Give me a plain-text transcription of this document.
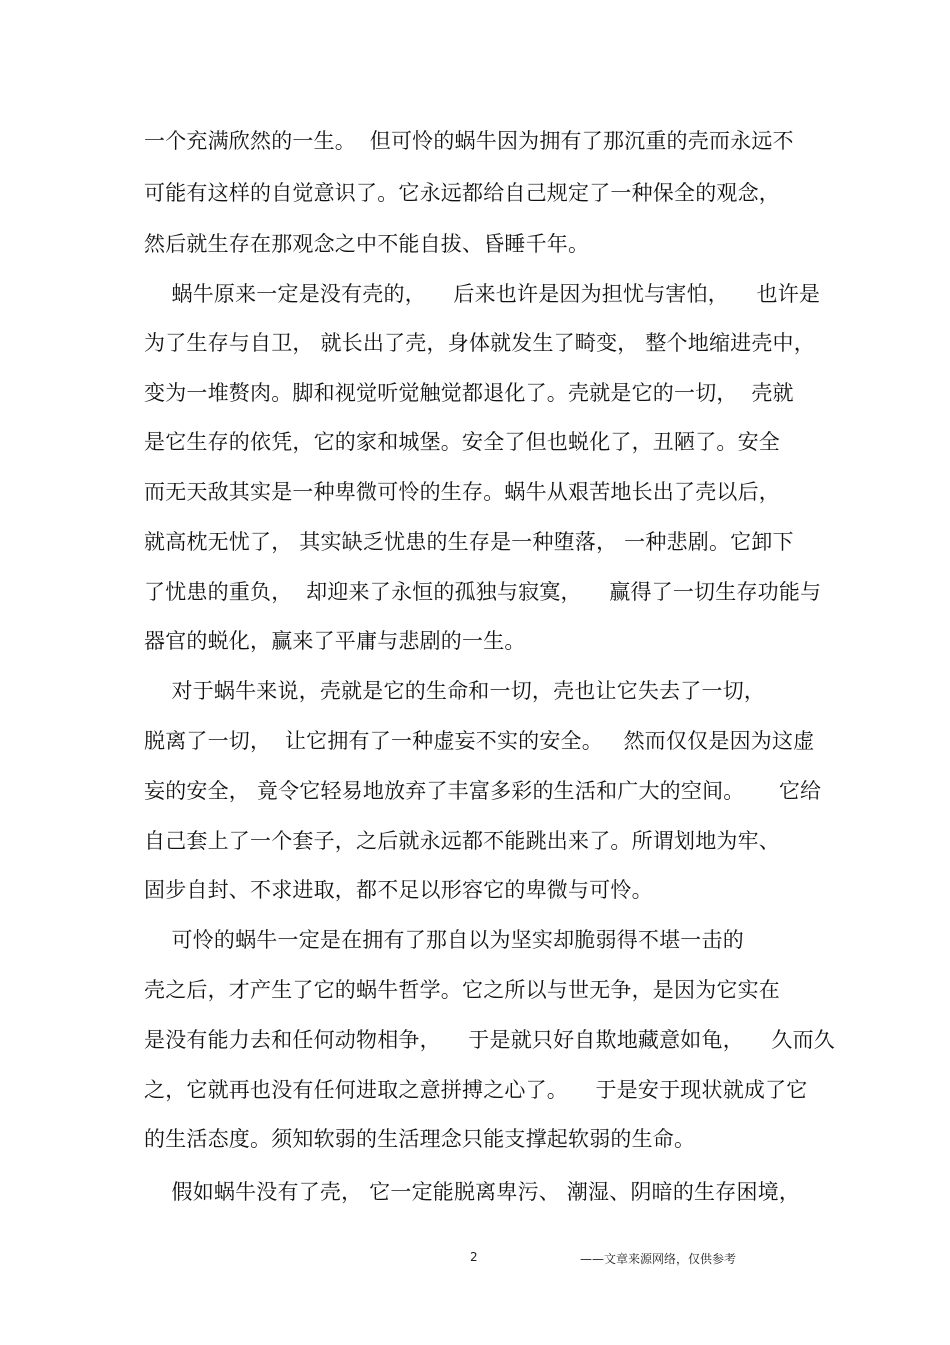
一个充满欣然的一生。  但可怜的蜗牛因为拥有了那沉重的壳而永远不
可能有这样的自觉意识了。它永远都给自己规定了一种保全的观念，
然后就生存在那观念之中不能自拔、昏睡千年。
蜗牛原来一定是没有壳的，    后来也许是因为担忧与害怕，    也许是
为了生存与自卫， 就长出了壳，身体就发生了畸变， 整个地缩进壳中，
变为一堆赘肉。脚和视觉听觉触觉都退化了。壳就是它的一切，  壳就
是它生存的依凭，它的家和城堡。安全了但也蜕化了，丑陋了。安全
而无天敌其实是一种卑微可怜的生存。蜗牛从艰苦地长出了壳以后，
就高枕无忧了， 其实缺乏忧患的生存是一种堕落， 一种悲剧。它卸下
了忧患的重负，  却迎来了永恒的孤独与寂寞，    赢得了一切生存功能与
器官的蜕化，赢来了平庸与悲剧的一生。
对于蜗牛来说，壳就是它的生命和一切，壳也让它失去了一切，
脱离了一切，  让它拥有了一种虚妄不实的安全。   然而仅仅是因为这虚
妄的安全， 竟令它轻易地放弃了丰富多彩的生活和广大的空间。     它给
自己套上了一个套子，之后就永远都不能跳出来了。所谓划地为牢、
固步自封、不求进取，都不足以形容它的卑微与可怜。
可怜的蜗牛一定是在拥有了那自以为坚实却脆弱得不堪一击的
壳之后，才产生了它的蜗牛哲学。它之所以与世无争，是因为它实在
是没有能力去和任何动物相争，    于是就只好自欺地藏意如龟，    久而久
之，它就再也没有任何进取之意拼搏之心了。    于是安于现状就成了它
的生活态度。须知软弱的生活理念只能支撑起软弱的生命。
假如蜗牛没有了壳， 它一定能脱离卑污、 潮湿、阴暗的生存困境，
2	——文章来源网络，仅供参考
